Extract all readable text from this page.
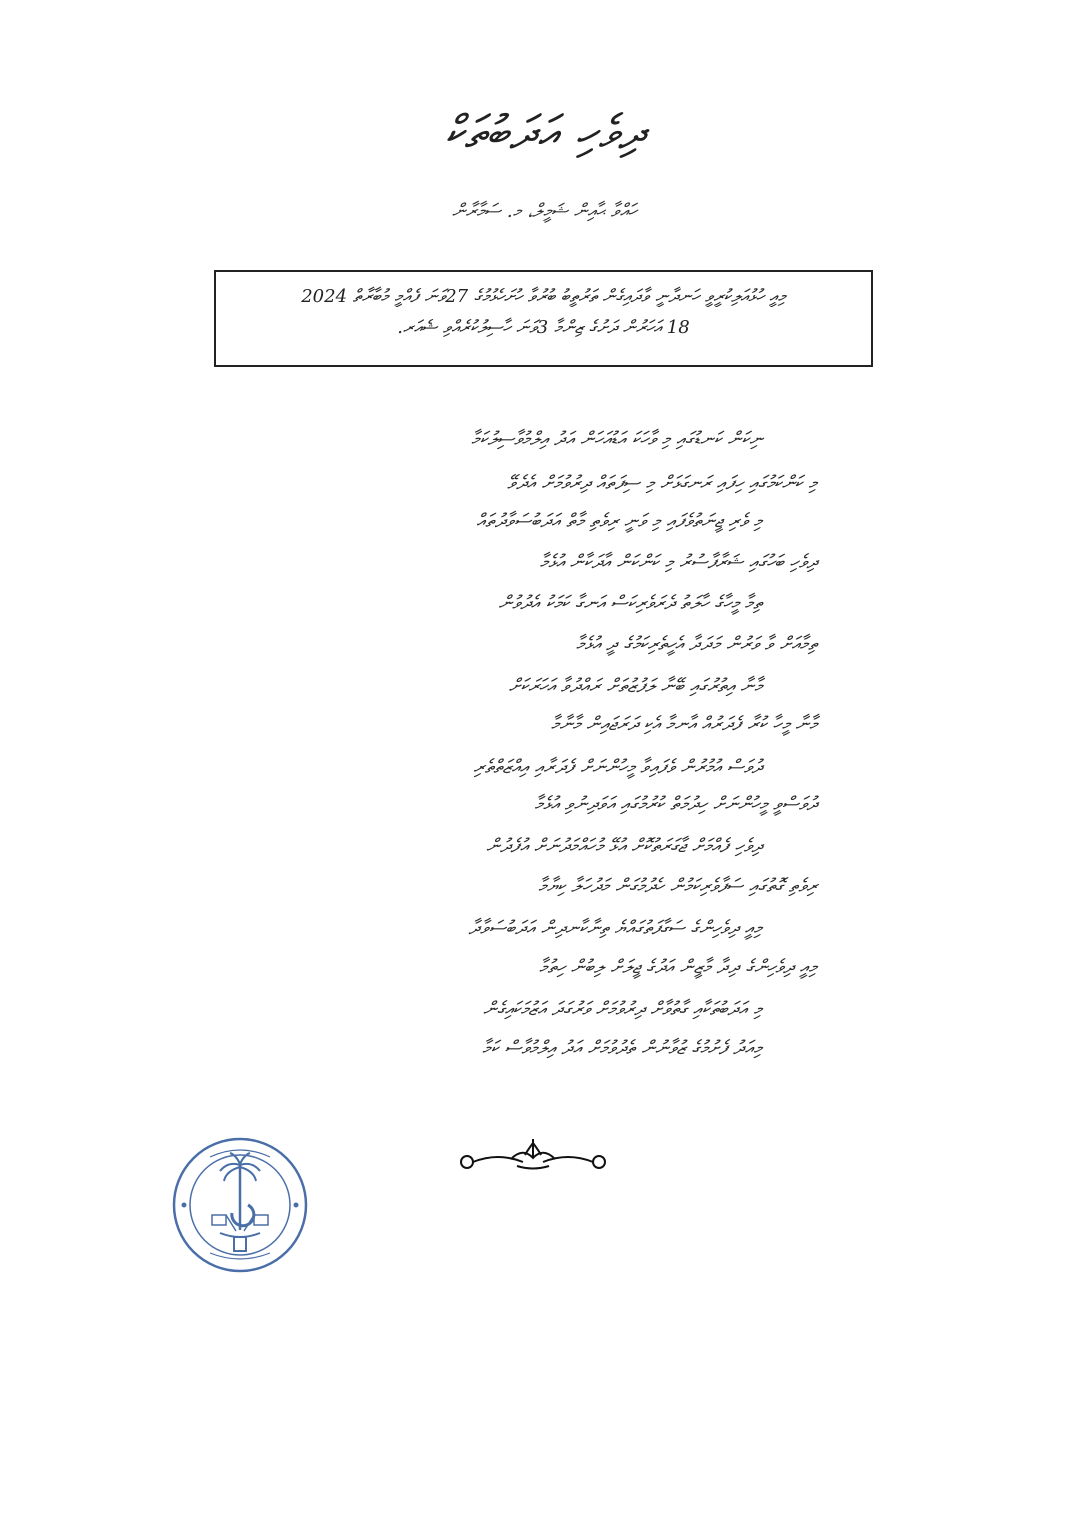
ދިވެހި އަދަބުތަކް
ހައްވާ ޙާއިން ޝަމީލް، މ. ސަމާރާން

މިއީ ހުޅުއަލިކުރީވީ ހަނދާނީ ވާދައިގެން ތަރުތީބު ބުރުވާ ހުށަހެޅުމުގެ 27ވަނަ ފެއްމީ މުބާރާތް 2024

18 އަހަރުން ދަށުގެ ޒިންމާ 3ވަނަ ހާސިލުކުރެއްވި ޝެއަރ.

ނިކަން ކަނޑުގައި މި ވާހަކަ އަޑުއަހަން އަދު އިލްމުވާސިލުކަމާ
މި ކަންކަމުގައި ހިފައި ރަނގަޅަށް މި ސިފަތައް ދިރުވުމަށް އެދެވޭ
މި ވެރި ޖީނަތުވެފައި މި ވަނީ ރިވެތި މާތް އަދަބުސަވާދުތައް
ދިވެހި ބަހުގައި ޝަރާފާސުރު މި ކަންކަން އާދަކާން އުޅެމާ
ތިމާ މީހާގެ ހާލަތު ދެރަވެރިކަސް އަނގާ ކަމަކު އެދުވުން
ތިމާއަށް ވާ ވަރުން މަދަދާ އެހީތެރިކަމުގެ ދީ އުޅެމާ
މާނާ އިތުރުގައި ބޭނާ ލަފުޒުތަށް ރައްދުވާ އަހަރަކަށް
މާނާ މީހާ ކުރާ ފެދަރުއް އާނމާ އެކި ދަރަޖައިން މާނާމާ
ދުވަސް އުމުރުން ވެފައިވާ މީހުންނަށް ފެދަރާއި އިއްޒަތްތެރި
ދުވަސްވީ މީހުންނަށް ހިދުމަތް ކުރުމުގައި އަވަދިނުވި އުޅެމާ
ދިވެހި ފެއްމަށް ޖާގަރަތުކޮށް އުޅޭ މުހައްމަދުނަށް އުފެދުން
ރިވެތި ގޮތުގައި ސަފާވެރިކަމުން ހެދުމުގަން މަދުހަލާ ކިޔާމާ
މިއީ ދިވެހިންގެ ސަގާފަތުގައްޔެ ތިނާކާނދިން އަދަބުސަވާދާ
މިއީ ދިވެހިންގެ ދިދާ މާޒީން އަދުގެ ޖީލަށް ލިބުން ހިތުމާ
މި އަދަބުތަކާއި ގާތުވާށް ދިރުވުމަށް ވަރުގަދަ އަޒުމަކައިގެން
މިއަދު ފެށުމުގެ ޒުވާނުން ތެދުވުމަށް އަދު އިލްމުވާސް ކަމާ
